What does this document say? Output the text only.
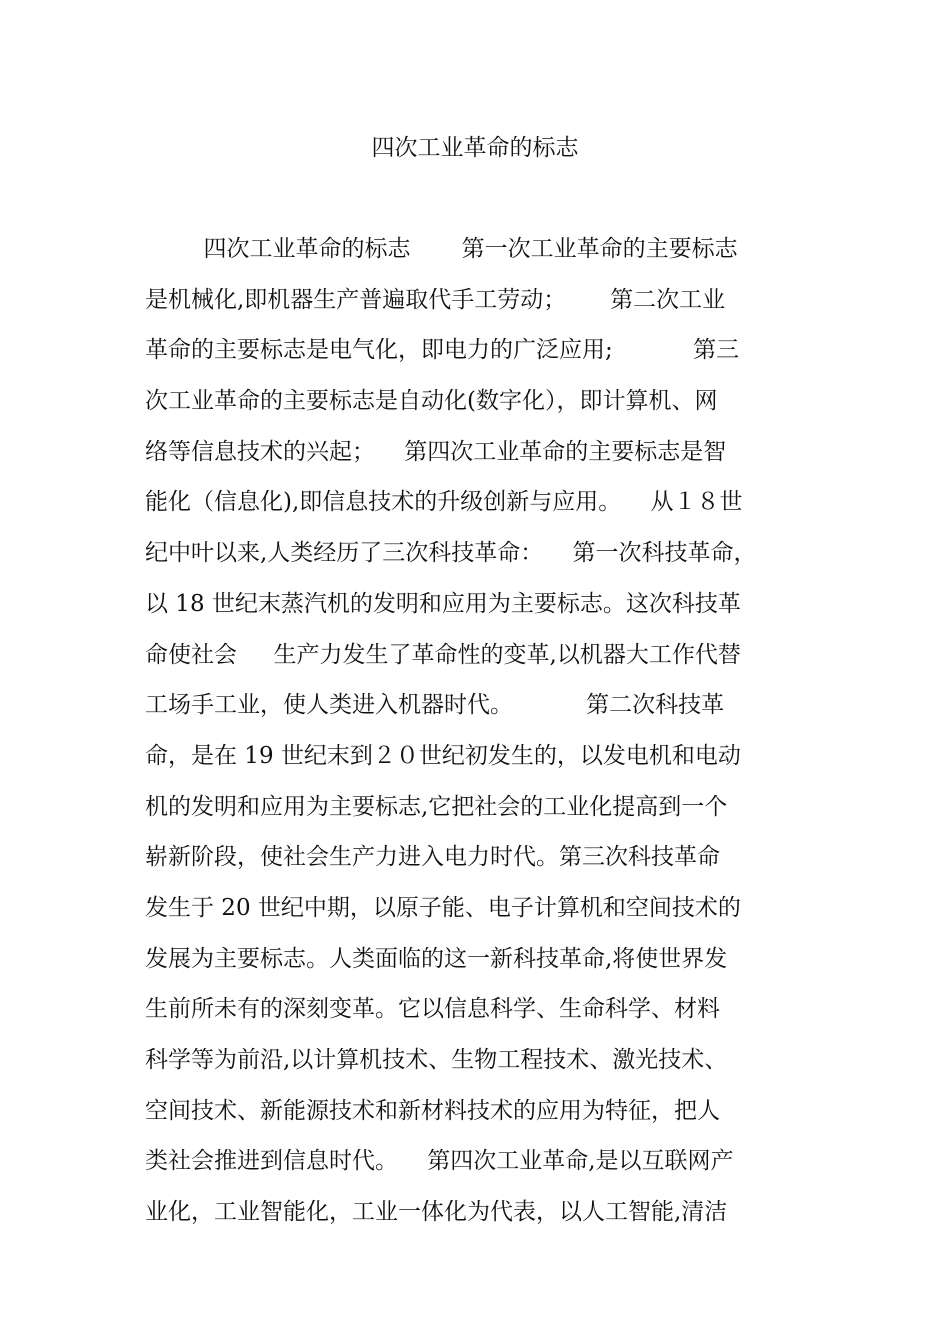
四次工业革命的标志
四次工业革命的标志       第一次工业革命的主要标志
是机械化,即机器生产普遍取代手工劳动；      第二次工业
革命的主要标志是电气化，即电力的广泛应用;           第三
次工业革命的主要标志是自动化(数字化），即计算机、网
络等信息技术的兴起；    第四次工业革命的主要标志是智
能化（信息化),即信息技术的升级创新与应用。    从１８世
纪中叶以来,人类经历了三次科技革命：    第一次科技革命，
以 18 世纪末蒸汽机的发明和应用为主要标志。这次科技革
命使社会     生产力发生了革命性的变革,以机器大工作代替
工场手工业，使人类进入机器时代。          第二次科技革
命，是在 19 世纪末到２０世纪初发生的，以发电机和电动
机的发明和应用为主要标志,它把社会的工业化提高到一个
崭新阶段，使社会生产力进入电力时代。第三次科技革命
发生于 20 世纪中期，以原子能、电子计算机和空间技术的
发展为主要标志。人类面临的这一新科技革命,将使世界发
生前所未有的深刻变革。它以信息科学、生命科学、材料
科学等为前沿,以计算机技术、生物工程技术、激光技术、
空间技术、新能源技术和新材料技术的应用为特征，把人
类社会推进到信息时代。    第四次工业革命,是以互联网产
业化，工业智能化，工业一体化为代表，以人工智能,清洁
